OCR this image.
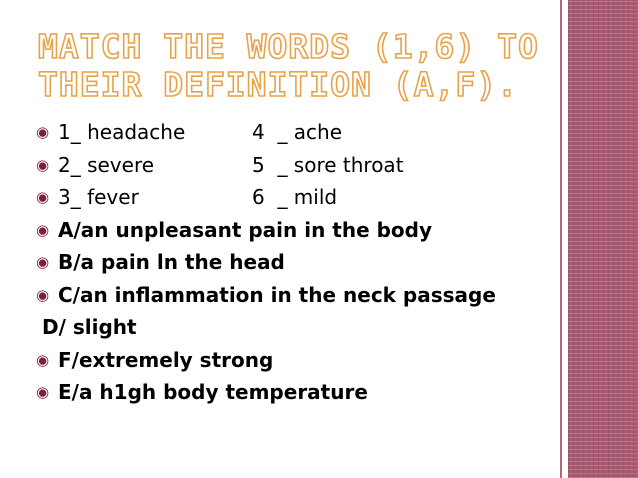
MATCH THE WORDS (1,6) TO THEIR DEFINITION (A,F).
◉ 1_ headache	4  _ ache
◉ 2_ severe	5  _ sore throat
◉ 3_ fever	6  _ mild
◉ A/an unpleasant pain in the body
◉ B/a pain ln the head
◉ C/an inflammation in the neck passage
D/ slight
◉ F/extremely strong
◉ E/a h1gh body temperature
